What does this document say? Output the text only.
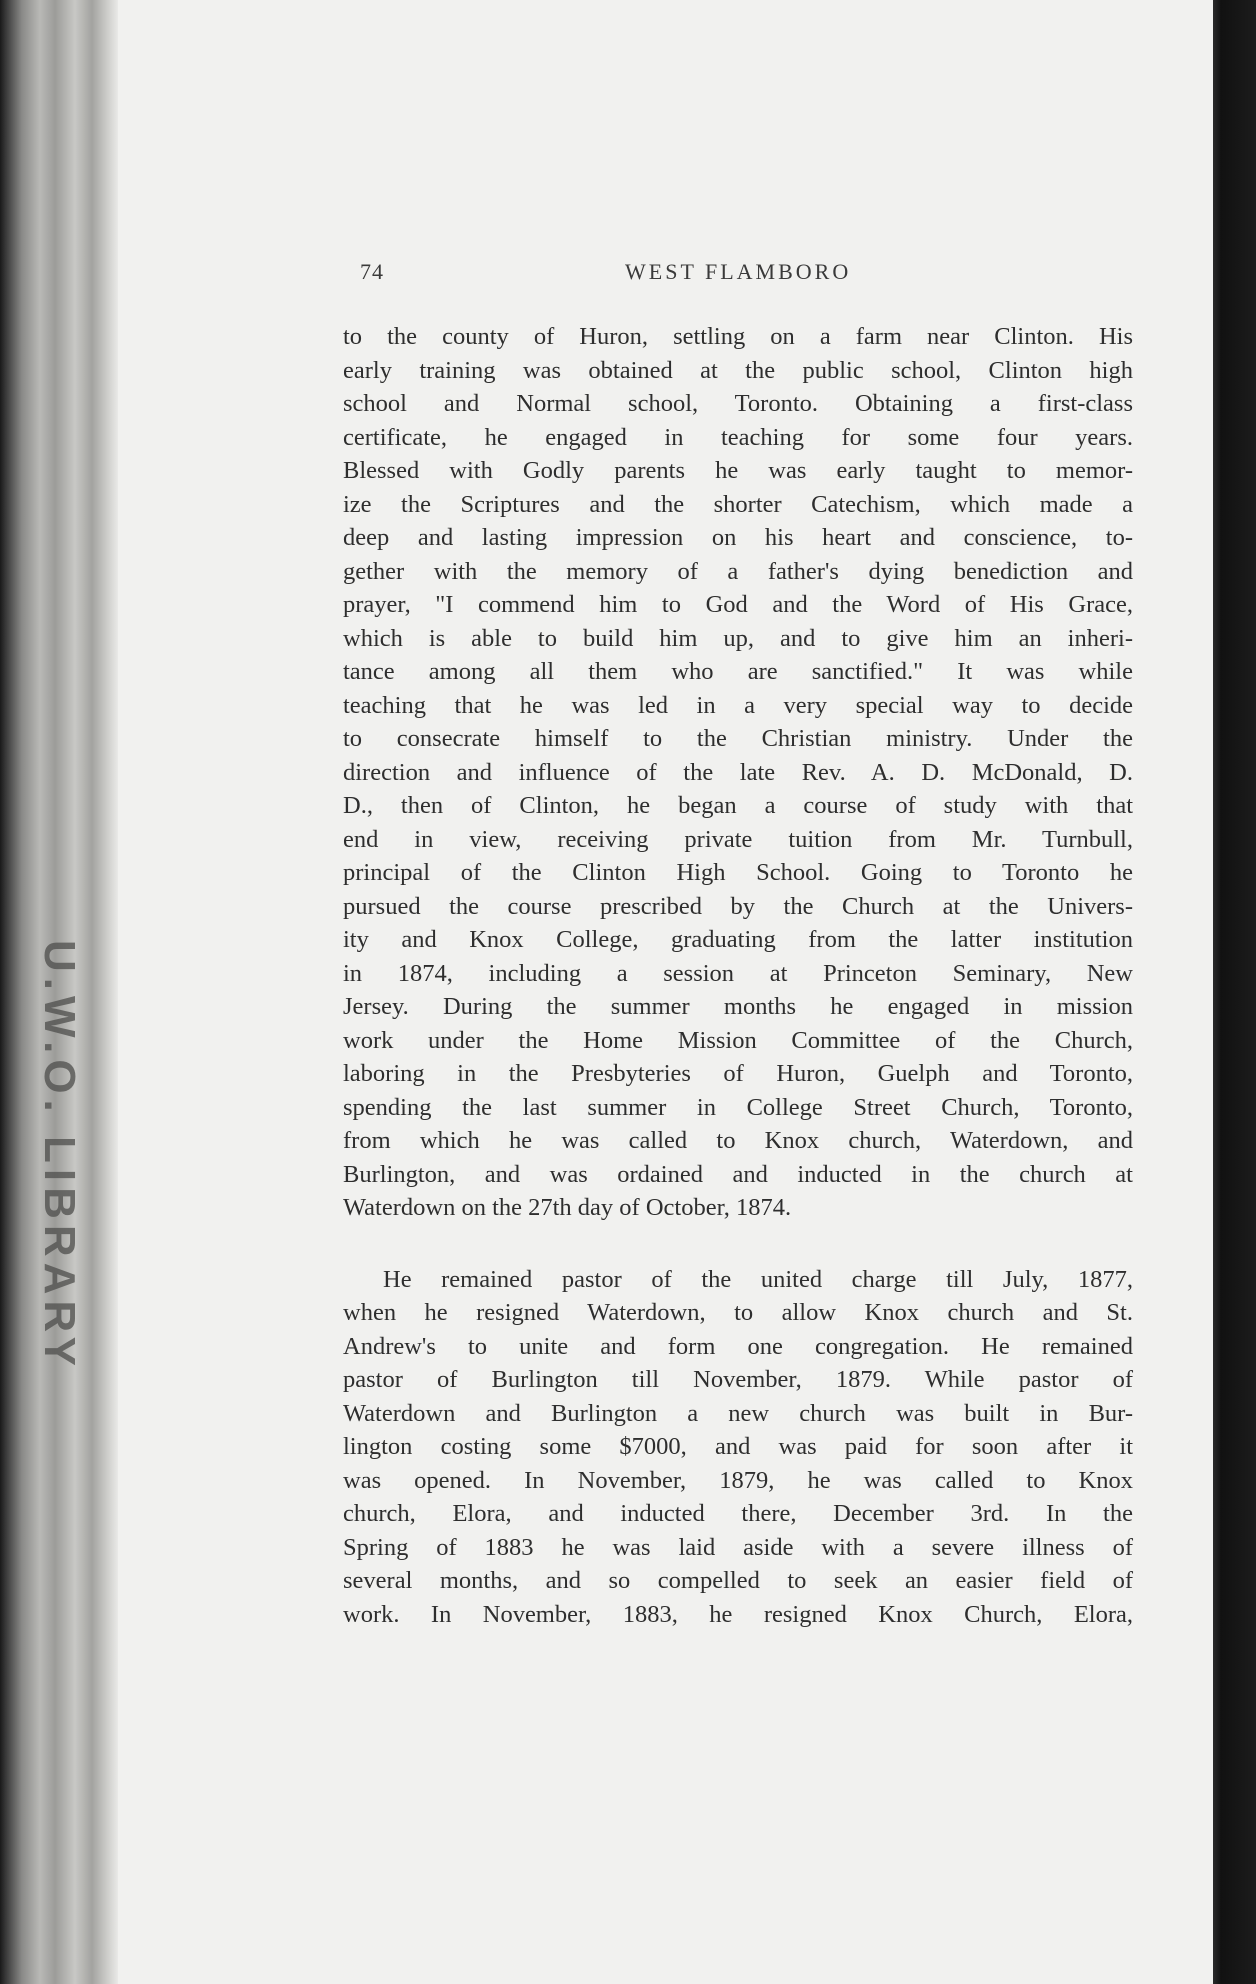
U.W.O. LIBRARY
74	WEST FLAMBORO

to the county of Huron, settling on a farm near Clinton. His
early training was obtained at the public school, Clinton high
school and Normal school, Toronto. Obtaining a first-class
certificate, he engaged in teaching for some four years.
Blessed with Godly parents he was early taught to memor-
ize the Scriptures and the shorter Catechism, which made a
deep and lasting impression on his heart and conscience, to-
gether with the memory of a father's dying benediction and
prayer, "I commend him to God and the Word of His Grace,
which is able to build him up, and to give him an inheri-
tance among all them who are sanctified." It was while
teaching that he was led in a very special way to decide
to consecrate himself to the Christian ministry. Under the
direction and influence of the late Rev. A. D. McDonald, D.
D., then of Clinton, he began a course of study with that
end in view, receiving private tuition from Mr. Turnbull,
principal of the Clinton High School. Going to Toronto he
pursued the course prescribed by the Church at the Univers-
ity and Knox College, graduating from the latter institution
in 1874, including a session at Princeton Seminary, New
Jersey. During the summer months he engaged in mission
work under the Home Mission Committee of the Church,
laboring in the Presbyteries of Huron, Guelph and Toronto,
spending the last summer in College Street Church, Toronto,
from which he was called to Knox church, Waterdown, and
Burlington, and was ordained and inducted in the church at
Waterdown on the 27th day of October, 1874.

He remained pastor of the united charge till July, 1877,
when he resigned Waterdown, to allow Knox church and St.
Andrew's to unite and form one congregation. He remained
pastor of Burlington till November, 1879. While pastor of
Waterdown and Burlington a new church was built in Bur-
lington costing some $7000, and was paid for soon after it
was opened. In November, 1879, he was called to Knox
church, Elora, and inducted there, December 3rd. In the
Spring of 1883 he was laid aside with a severe illness of
several months, and so compelled to seek an easier field of
work. In November, 1883, he resigned Knox Church, Elora,
